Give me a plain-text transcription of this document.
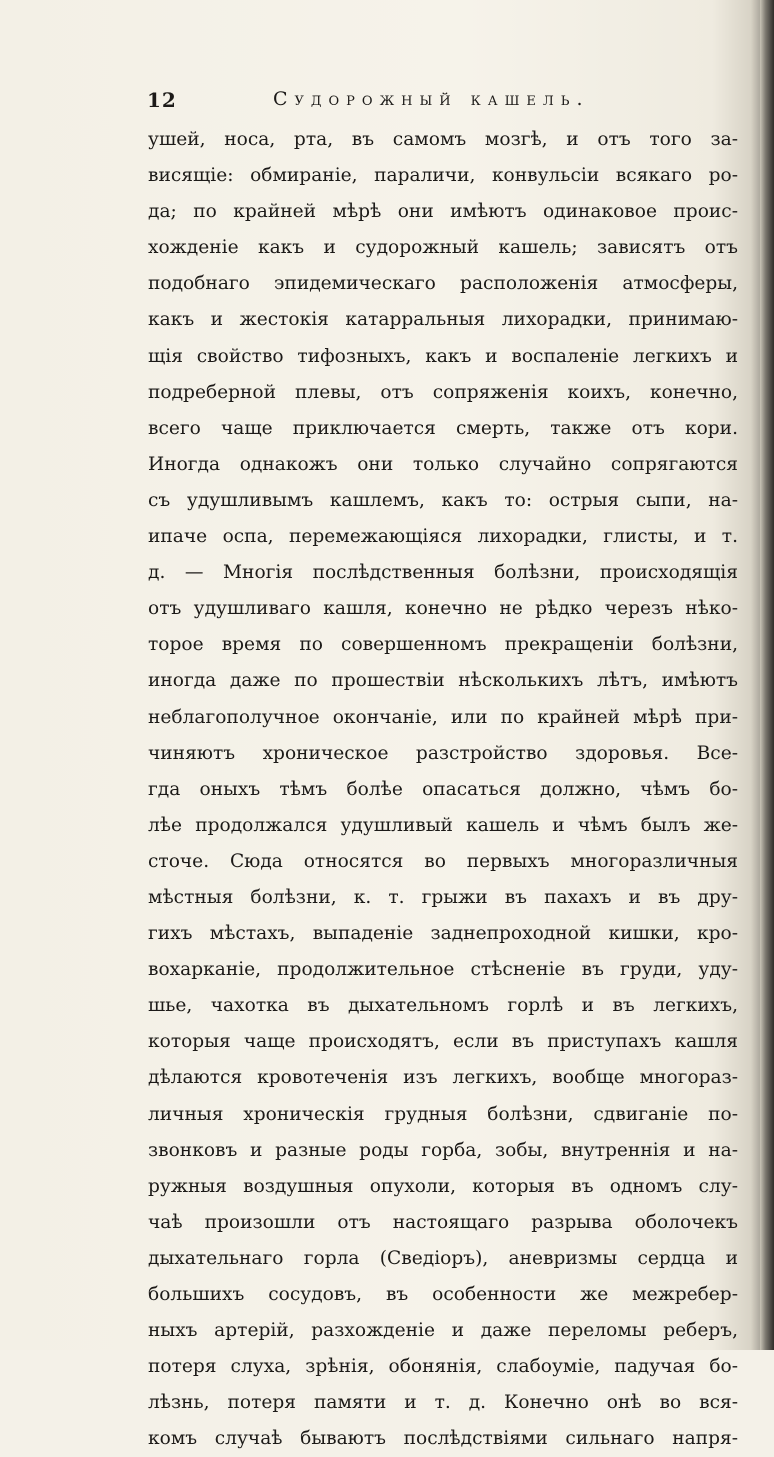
12	Судорожный кашель.
ушей, носа, рта, въ самомъ мозгѣ, и отъ того за-
висящіе: обмираніе, параличи, конвульсіи всякаго ро-
да; по крайней мѣрѣ они имѣютъ одинаковое проис-
хожденіе какъ и судорожный кашель; зависятъ отъ
подобнаго эпидемическаго расположенія атмосферы,
какъ и жестокія катарральныя лихорадки, принимаю-
щія свойство тифозныхъ, какъ и воспаленіе легкихъ и
подреберной плевы, отъ сопряженія коихъ, конечно,
всего чаще приключается смерть, также отъ кори.
Иногда однакожъ они только случайно сопрягаются
съ удушливымъ кашлемъ, какъ то: острыя сыпи, на-
ипаче оспа, перемежающіяся лихорадки, глисты, и т.
д. — Многія послѣдственныя болѣзни, происходящія
отъ удушливаго кашля, конечно не рѣдко черезъ нѣко-
торое время по совершенномъ прекращеніи болѣзни,
иногда даже по прошествіи нѣсколькихъ лѣтъ, имѣютъ
неблагополучное окончаніе, или по крайней мѣрѣ при-
чиняютъ хроническое разстройство здоровья. Все-
гда оныхъ тѣмъ болѣе опасаться должно, чѣмъ бо-
лѣе продолжался удушливый кашель и чѣмъ былъ же-
сточе. Сюда относятся во первыхъ многоразличныя
мѣстныя болѣзни, к. т. грыжи въ пахахъ и въ дру-
гихъ мѣстахъ, выпаденіе заднепроходной кишки, кро-
вохарканіе, продолжительное стѣсненіе въ груди, уду-
шье, чахотка въ дыхательномъ горлѣ и въ легкихъ,
которыя чаще происходятъ, если въ приступахъ кашля
дѣлаются кровотеченія изъ легкихъ, вообще многораз-
личныя хроническія грудныя болѣзни, сдвиганіе по-
звонковъ и разные роды горба, зобы, внутреннія и на-
ружныя воздушныя опухоли, которыя въ одномъ слу-
чаѣ произошли отъ настоящаго разрыва оболочекъ
дыхательнаго горла (Сведіоръ), аневризмы сердца и
большихъ сосудовъ, въ особенности же межребер-
ныхъ артерій, разхожденіе и даже переломы реберъ,
потеря слуха, зрѣнія, обонянія, слабоуміе, падучая бо-
лѣзнь, потеря памяти и т. д. Конечно онѣ во вся-
комъ случаѣ бываютъ послѣдствіями сильнаго напря-
